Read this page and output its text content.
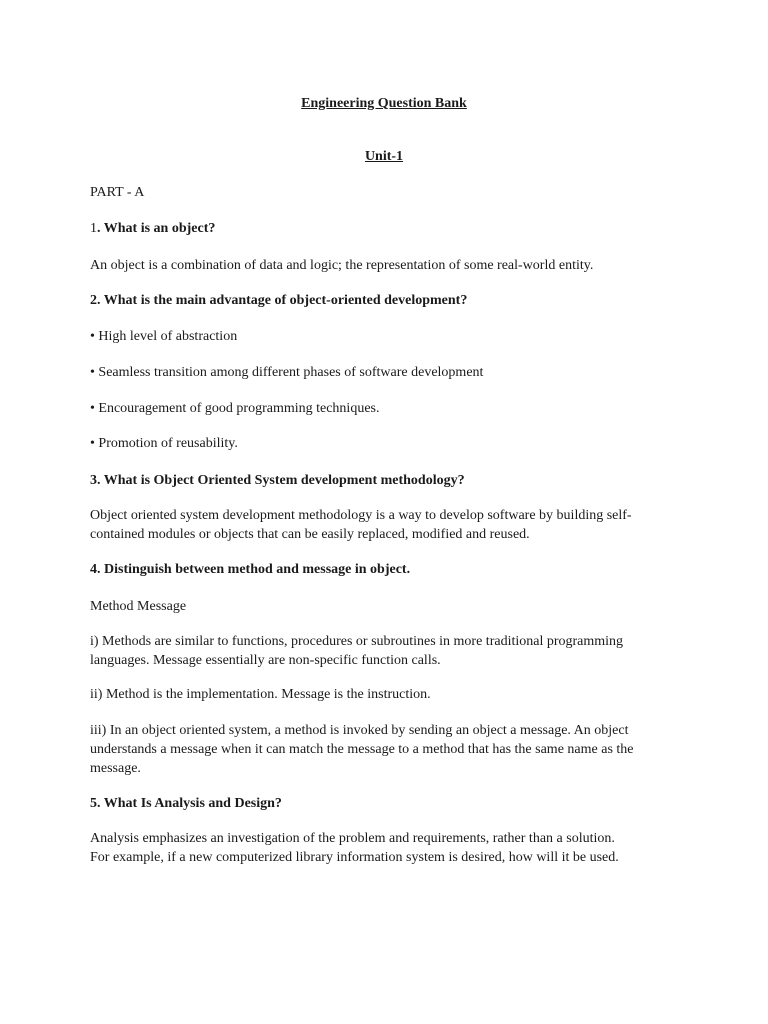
Engineering Question Bank

Unit-1

PART - A

1. What is an object?

An object is a combination of data and logic; the representation of some real-world entity.

2. What is the main advantage of object-oriented development?

• High level of abstraction

• Seamless transition among different phases of software development

• Encouragement of good programming techniques.

• Promotion of reusability.

3. What is Object Oriented System development methodology?

Object oriented system development methodology is a way to develop software by building self-

contained modules or objects that can be easily replaced, modified and reused.

4. Distinguish between method and message in object.

Method Message

i) Methods are similar to functions, procedures or subroutines in more traditional programming

languages. Message essentially are non-specific function calls.

ii) Method is the implementation. Message is the instruction.

iii) In an object oriented system, a method is invoked by sending an object a message. An object

understands a message when it can match the message to a method that has the same name as the

message.

5. What Is Analysis and Design?

Analysis emphasizes an investigation of the problem and requirements, rather than a solution.

For example, if a new computerized library information system is desired, how will it be used.
